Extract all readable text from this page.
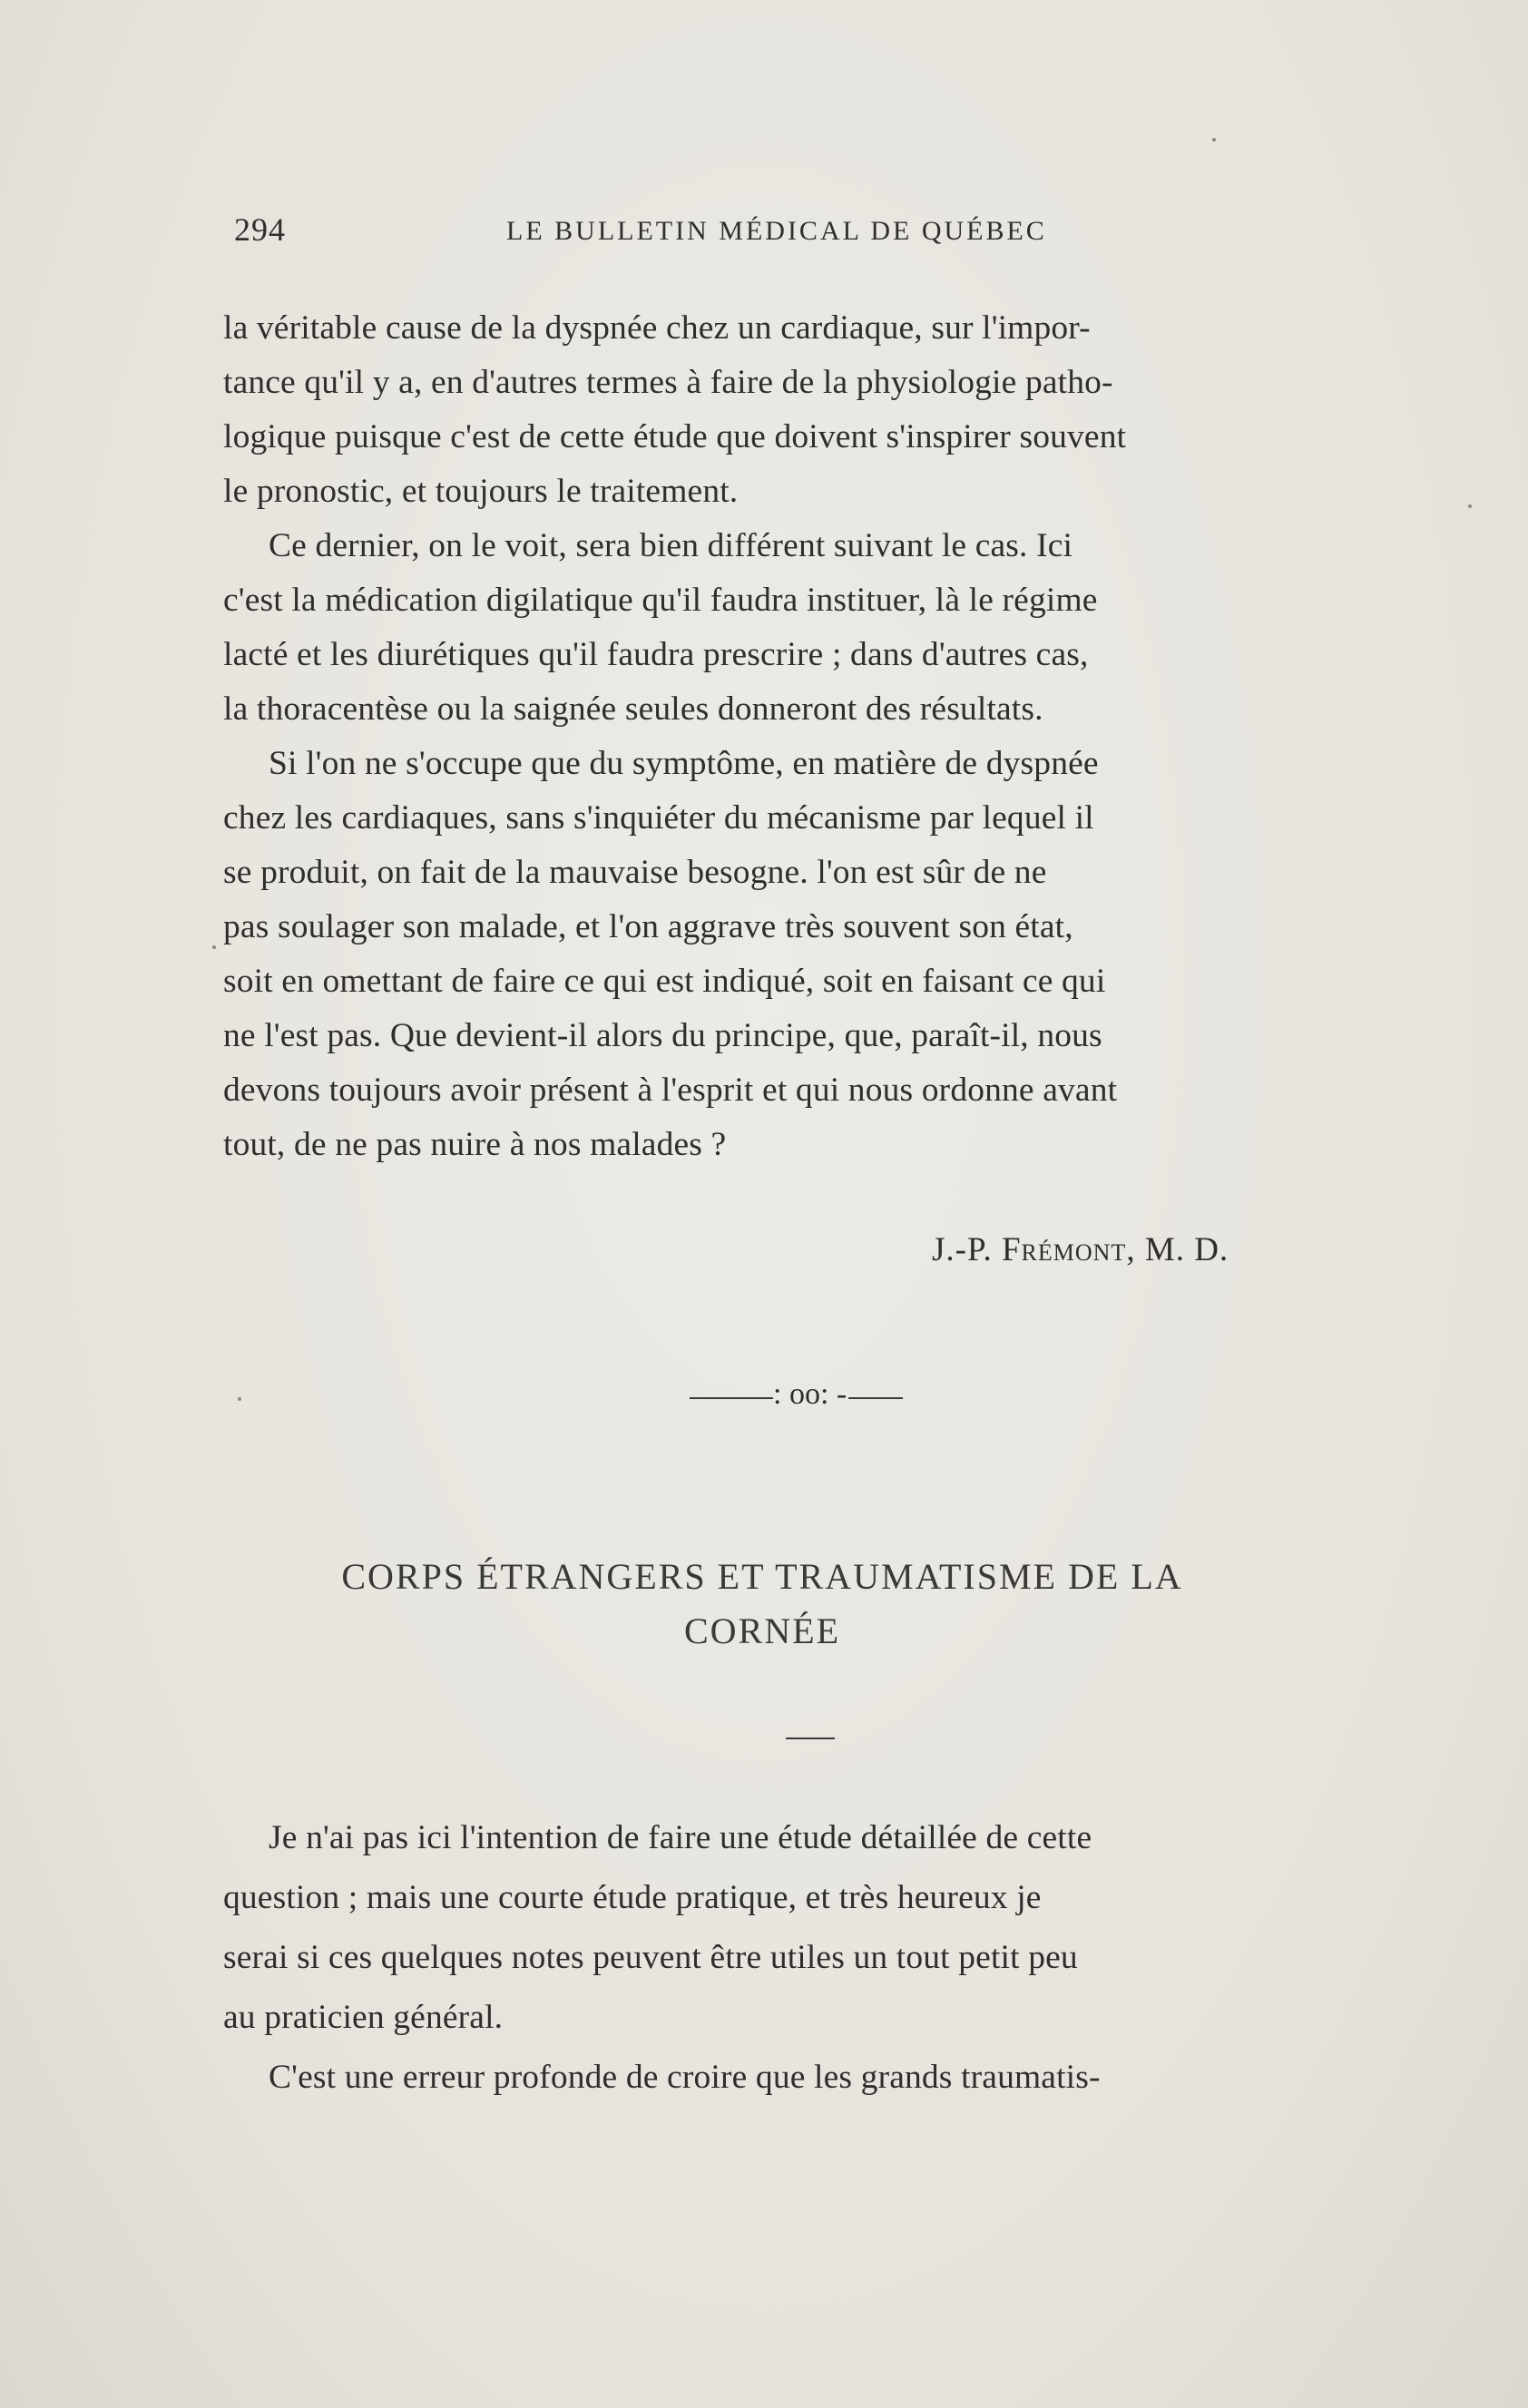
294	LE BULLETIN MÉDICAL DE QUÉBEC
la véritable cause de la dyspnée chez un cardiaque, sur l'impor-
tance qu'il y a, en d'autres termes à faire de la physiologie patho-
logique puisque c'est de cette étude que doivent s'inspirer souvent
le pronostic, et toujours le traitement.
Ce dernier, on le voit, sera bien différent suivant le cas. Ici
c'est la médication digilatique qu'il faudra instituer, là le régime
lacté et les diurétiques qu'il faudra prescrire ; dans d'autres cas,
la thoracentèse ou la saignée seules donneront des résultats.
Si l'on ne s'occupe que du symptôme, en matière de dyspnée
chez les cardiaques, sans s'inquiéter du mécanisme par lequel il
se produit, on fait de la mauvaise besogne. l'on est sûr de ne
pas soulager son malade, et l'on aggrave très souvent son état,
soit en omettant de faire ce qui est indiqué, soit en faisant ce qui
ne l'est pas. Que devient-il alors du principe, que, paraît-il, nous
devons toujours avoir présent à l'esprit et qui nous ordonne avant
tout, de ne pas nuire à nos malades ?
J.-P. Frémont, M. D.
: oo: -
CORPS ÉTRANGERS ET TRAUMATISME DE LA
CORNÉE
Je n'ai pas ici l'intention de faire une étude détaillée de cette
question ; mais une courte étude pratique, et très heureux je
serai si ces quelques notes peuvent être utiles un tout petit peu
au praticien général.
C'est une erreur profonde de croire que les grands traumatis-
